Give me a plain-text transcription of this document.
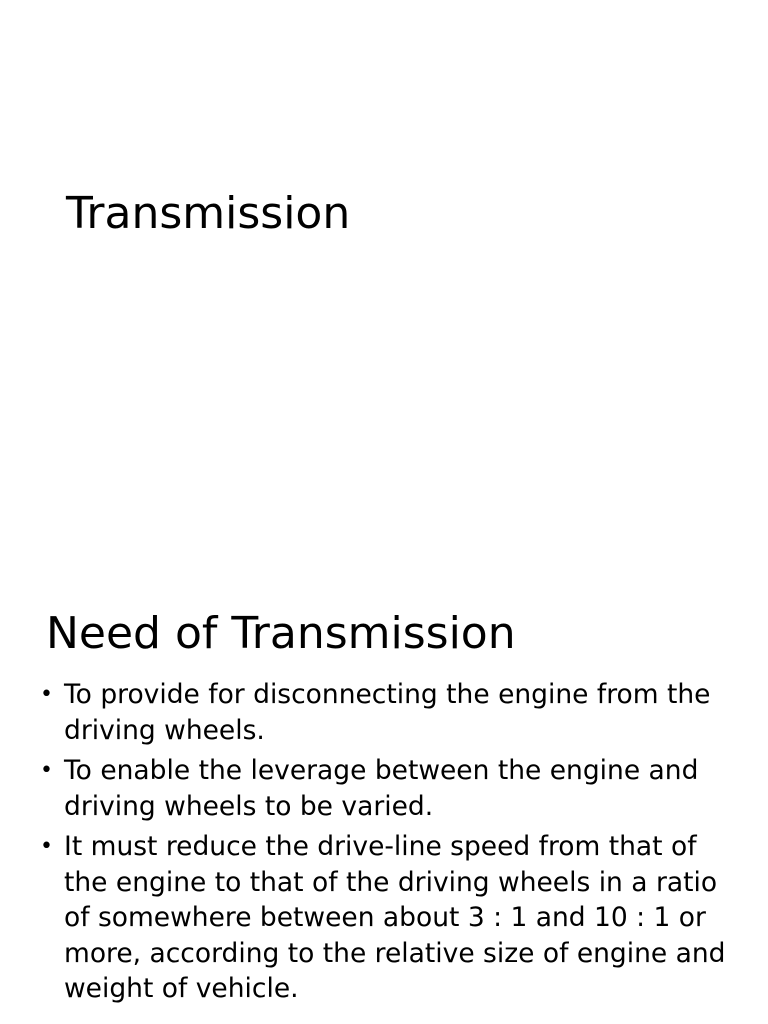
Transmission
Need of Transmission
• To provide for disconnecting the engine from the driving wheels.
• To enable the leverage between the engine and driving wheels to be varied.
• It must reduce the drive-line speed from that of the engine to that of the driving wheels in a ratio of somewhere between about 3 : 1 and 10 : 1 or more, according to the relative size of engine and weight of vehicle.
